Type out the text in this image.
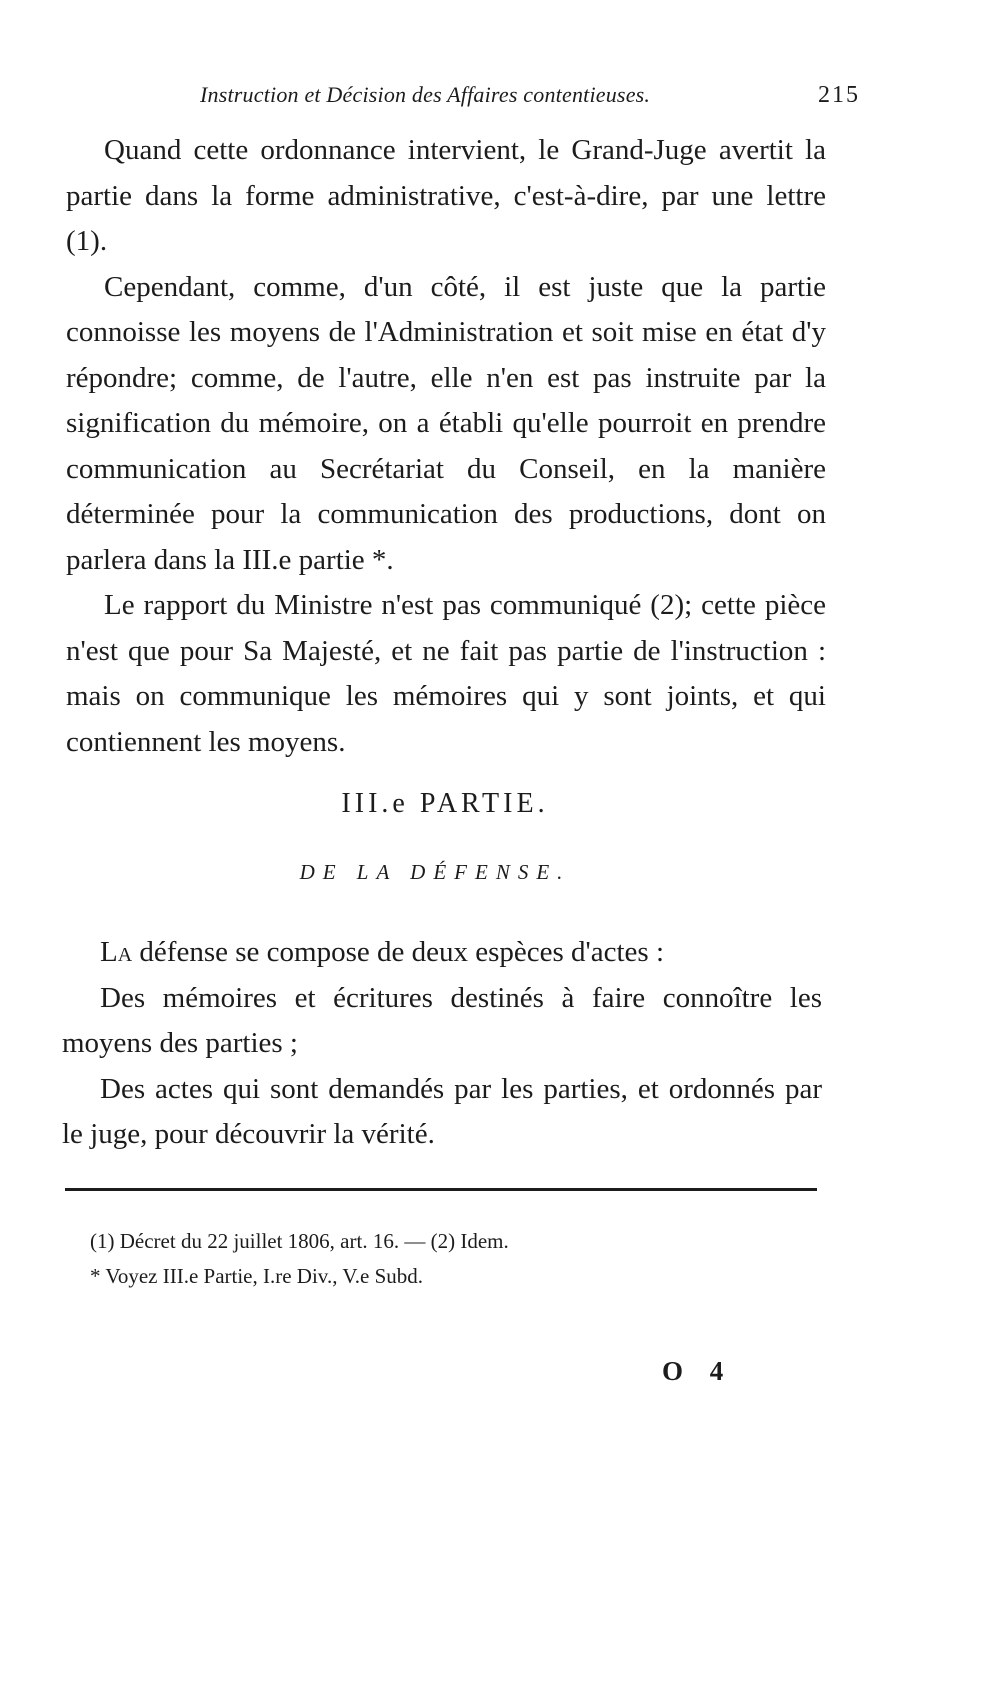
Instruction et Décision des Affaires contentieuses.	215

Quand cette ordonnance intervient, le Grand-Juge avertit la partie dans la forme administrative, c'est-à-dire, par une lettre (1).

Cependant, comme, d'un côté, il est juste que la partie connoisse les moyens de l'Administration et soit mise en état d'y répondre; comme, de l'autre, elle n'en est pas instruite par la signification du mémoire, on a établi qu'elle pourroit en prendre communication au Secrétariat du Conseil, en la manière déterminée pour la communication des productions, dont on parlera dans la III.e partie *.

Le rapport du Ministre n'est pas communiqué (2); cette pièce n'est que pour Sa Majesté, et ne fait pas partie de l'instruction : mais on communique les mémoires qui y sont joints, et qui contiennent les moyens.

III.e PARTIE.
DE LA DÉFENSE.

La défense se compose de deux espèces d'actes :

Des mémoires et écritures destinés à faire connoître les moyens des parties ;

Des actes qui sont demandés par les parties, et ordonnés par le juge, pour découvrir la vérité.

(1) Décret du 22 juillet 1806, art. 16. — (2) Idem.

* Voyez III.e Partie, I.re Div., V.e Subd.

O 4
